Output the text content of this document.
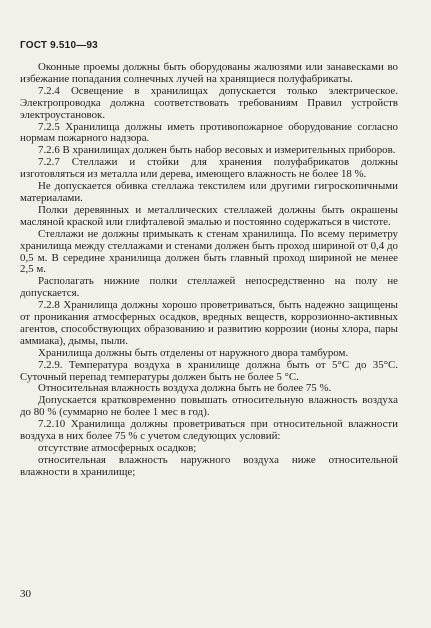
ГОСТ 9.510—93

Оконные проемы должны быть оборудованы жалюзями или занавесками во избежание попадания солнечных лучей на хранящиеся полуфабрикаты.

7.2.4 Освещение в хранилищах допускается только электрическое. Электропроводка должна соответствовать требованиям Правил устройств электроустановок.

7.2.5 Хранилища должны иметь противопожарное оборудование согласно нормам пожарного надзора.

7.2.6 В хранилищах должен быть набор весовых и измерительных приборов.

7.2.7 Стеллажи и стойки для хранения полуфабрикатов должны изготовляться из металла или дерева, имеющего влажность не более 18 %.

Не допускается обивка стеллажа текстилем или другими гигроскопичными материалами.

Полки деревянных и металлических стеллажей должны быть окрашены масляной краской или глифталевой эмалью и постоянно содержаться в чистоте.

Стеллажи не должны примыкать к стенам хранилища. По всему периметру хранилища между стеллажами и стенами должен быть проход шириной от 0,4 до 0,5 м. В середине хранилища должен быть главный проход шириной не менее 2,5 м.

Располагать нижние полки стеллажей непосредственно на полу не допускается.

7.2.8 Хранилища должны хорошо проветриваться, быть надежно защищены от проникания атмосферных осадков, вредных веществ, коррозионно-активных агентов, способствующих образованию и развитию коррозии (ионы хлора, пары аммиака), дымы, пыли.

Хранилища должны быть отделены от наружного двора тамбуром.

7.2.9. Температура воздуха в хранилище должна быть от 5°C до 35°C. Суточный перепад температуры должен быть не более 5 °C.

Относительная влажность воздуха должна быть не более 75 %.

Допускается кратковременно повышать относительную влажность воздуха до 80 % (суммарно не более 1 мес в год).

7.2.10 Хранилища должны проветриваться при относительной влажности воздуха в них более 75 % с учетом следующих условий:

отсутствие атмосферных осадков;

относительная влажность наружного воздуха ниже относительной влажности в хранилище;

30
